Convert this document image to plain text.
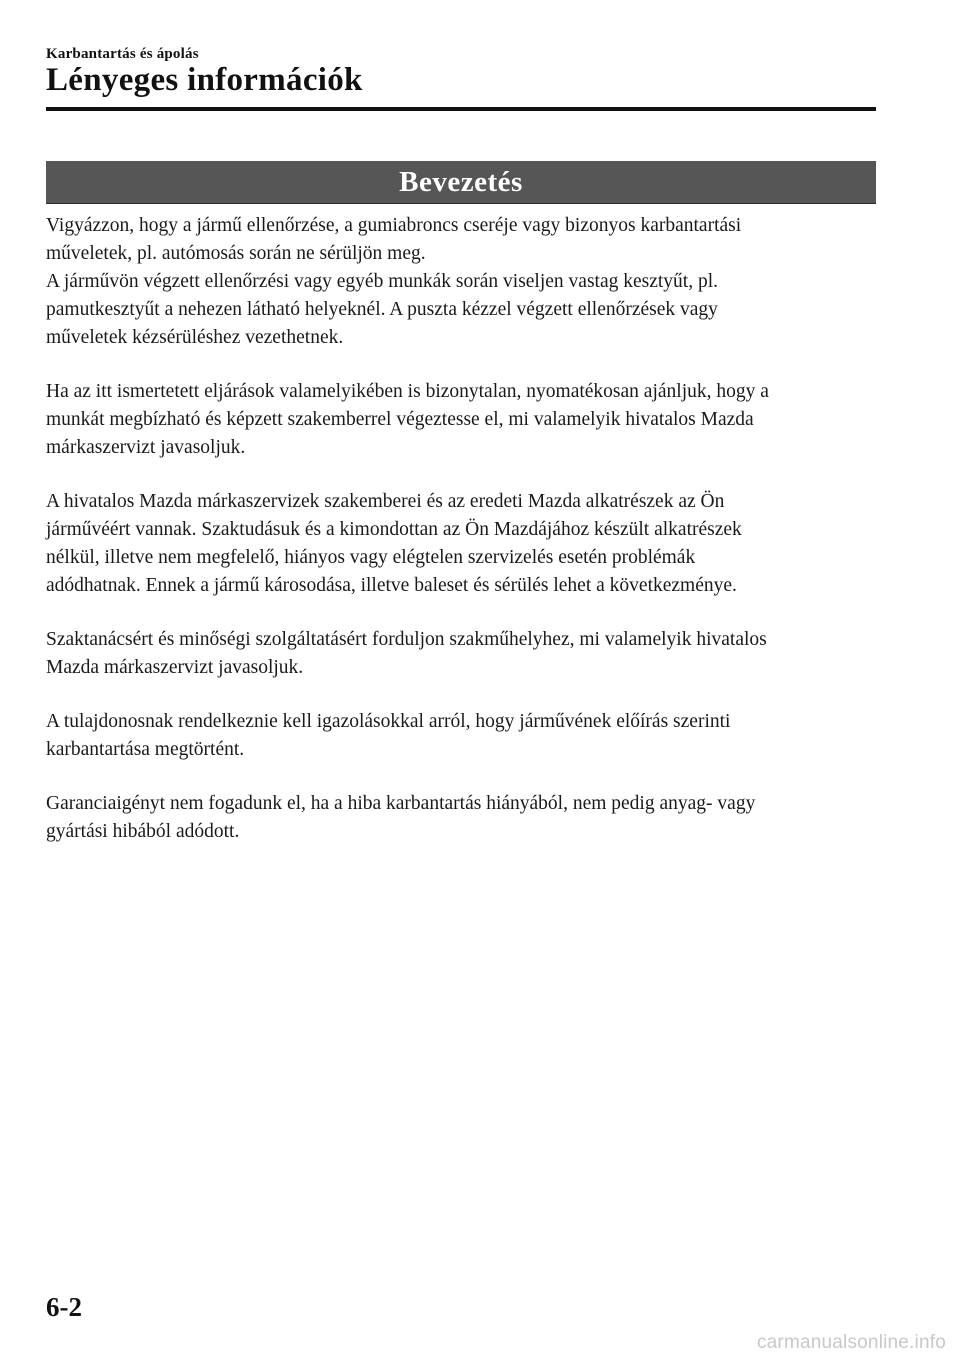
Karbantartás és ápolás
Lényeges információk
Bevezetés

Vigyázzon, hogy a jármű ellenőrzése, a gumiabroncs cseréje vagy bizonyos karbantartási
műveletek, pl. autómosás során ne sérüljön meg.
A járművön végzett ellenőrzési vagy egyéb munkák során viseljen vastag kesztyűt, pl.
pamutkesztyűt a nehezen látható helyeknél. A puszta kézzel végzett ellenőrzések vagy
műveletek kézsérüléshez vezethetnek.

Ha az itt ismertetett eljárások valamelyikében is bizonytalan, nyomatékosan ajánljuk, hogy a
munkát megbízható és képzett szakemberrel végeztesse el, mi valamelyik hivatalos Mazda
márkaszervizt javasoljuk.

A hivatalos Mazda márkaszervizek szakemberei és az eredeti Mazda alkatrészek az Ön
járművéért vannak. Szaktudásuk és a kimondottan az Ön Mazdájához készült alkatrészek
nélkül, illetve nem megfelelő, hiányos vagy elégtelen szervizelés esetén problémák
adódhatnak. Ennek a jármű károsodása, illetve baleset és sérülés lehet a következménye.

Szaktanácsért és minőségi szolgáltatásért forduljon szakműhelyhez, mi valamelyik hivatalos
Mazda márkaszervizt javasoljuk.

A tulajdonosnak rendelkeznie kell igazolásokkal arról, hogy járművének előírás szerinti
karbantartása megtörtént.

Garanciaigényt nem fogadunk el, ha a hiba karbantartás hiányából, nem pedig anyag- vagy
gyártási hibából adódott.

6-2
carmanualsonline.info
